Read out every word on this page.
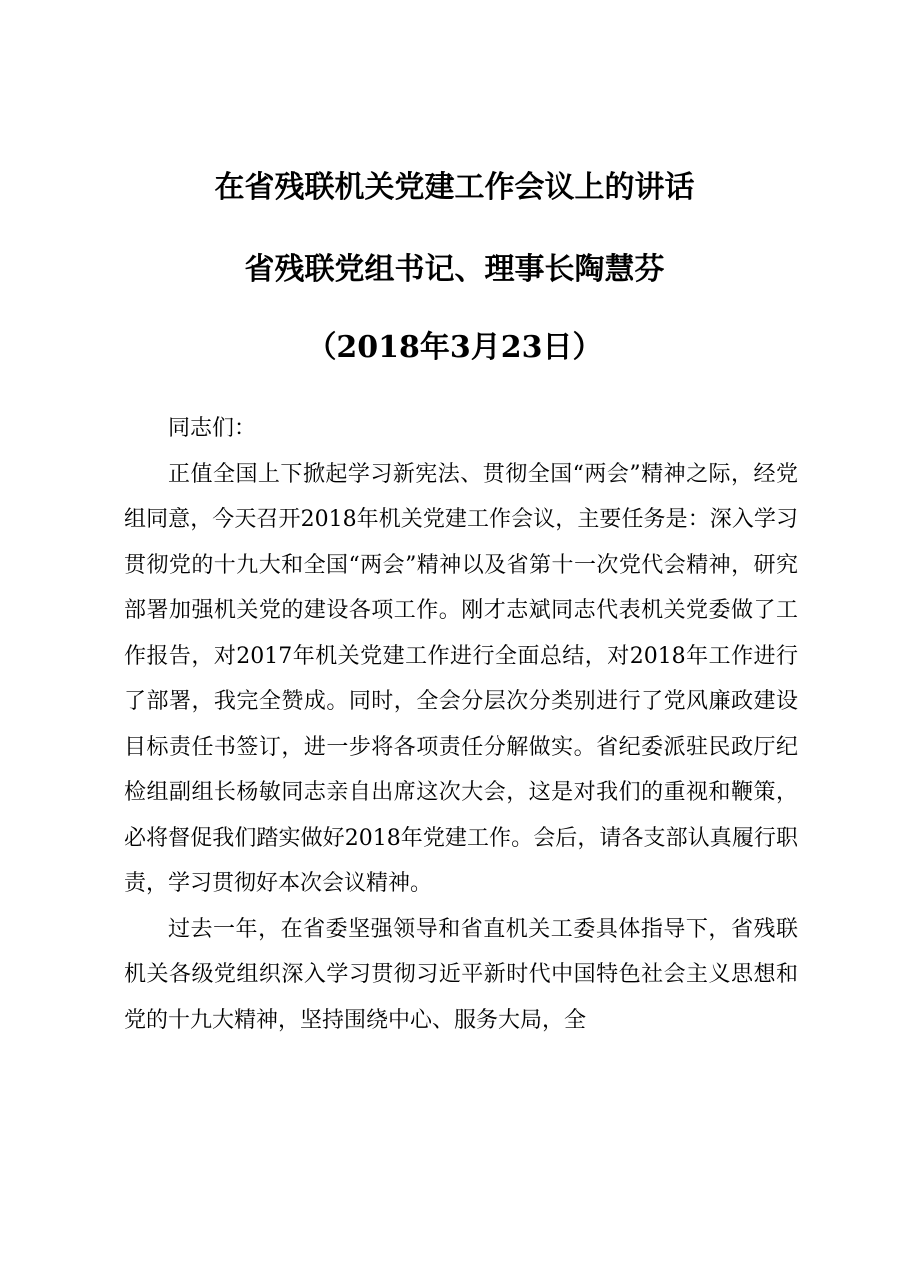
在省残联机关党建工作会议上的讲话
省残联党组书记、理事长陶慧芬
（2018年3月23日）

同志们：

正值全国上下掀起学习新宪法、贯彻全国“两会”精神之际，经党组同意，今天召开2018年机关党建工作会议，主要任务是：深入学习贯彻党的十九大和全国“两会”精神以及省第十一次党代会精神，研究部署加强机关党的建设各项工作。刚才志斌同志代表机关党委做了工作报告，对2017年机关党建工作进行全面总结，对2018年工作进行了部署，我完全赞成。同时，全会分层次分类别进行了党风廉政建设目标责任书签订，进一步将各项责任分解做实。省纪委派驻民政厅纪检组副组长杨敏同志亲自出席这次大会，这是对我们的重视和鞭策，必将督促我们踏实做好2018年党建工作。会后，请各支部认真履行职责，学习贯彻好本次会议精神。

过去一年，在省委坚强领导和省直机关工委具体指导下，省残联机关各级党组织深入学习贯彻习近平新时代中国特色社会主义思想和党的十九大精神，坚持围绕中心、服务大局，全
